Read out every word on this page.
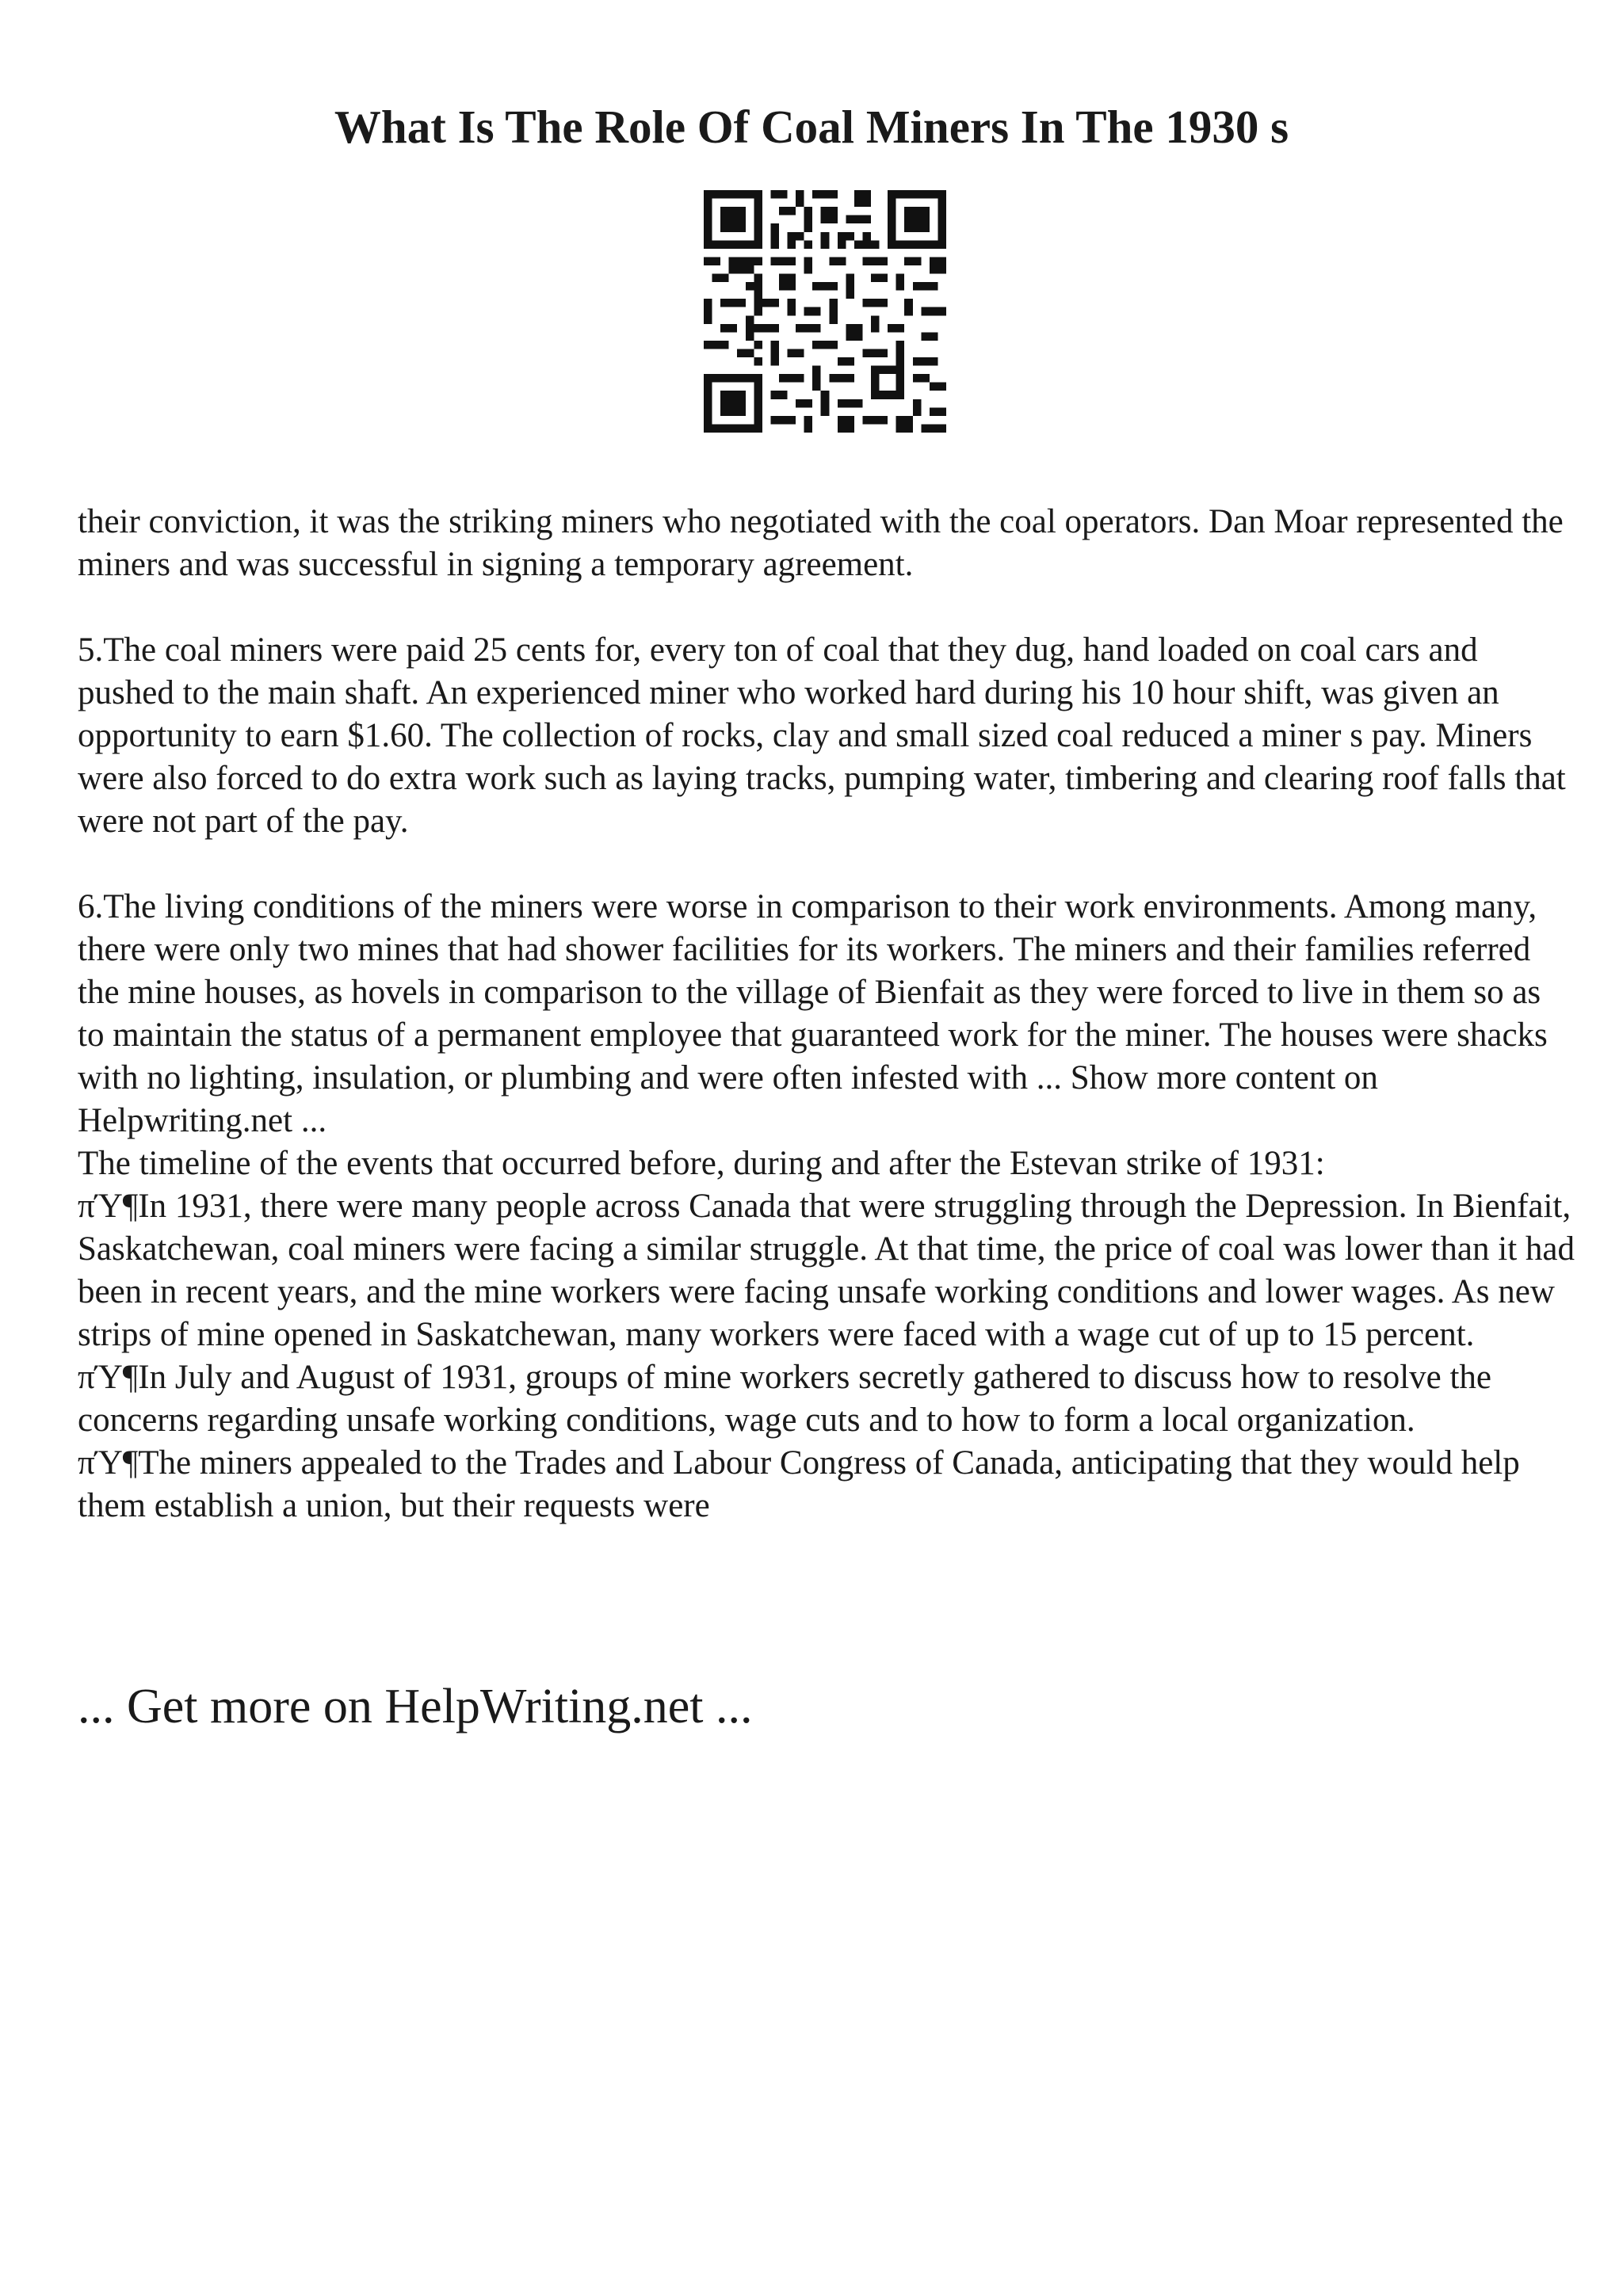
What Is The Role Of Coal Miners In The 1930 s

their conviction, it was the striking miners who negotiated with the coal operators. Dan Moar represented the miners and was successful in signing a temporary agreement.

5.The coal miners were paid 25 cents for, every ton of coal that they dug, hand loaded on coal cars and pushed to the main shaft. An experienced miner who worked hard during his 10 hour shift, was given an opportunity to earn $1.60. The collection of rocks, clay and small sized coal reduced a miner s pay. Miners were also forced to do extra work such as laying tracks, pumping water, timbering and clearing roof falls that were not part of the pay.

6.The living conditions of the miners were worse in comparison to their work environments. Among many, there were only two mines that had shower facilities for its workers. The miners and their families referred the mine houses, as hovels in comparison to the village of Bienfait as they were forced to live in them so as to maintain the status of a permanent employee that guaranteed work for the miner. The houses were shacks with no lighting, insulation, or plumbing and were often infested with ... Show more content on Helpwriting.net ...

The timeline of the events that occurred before, during and after the Estevan strike of 1931:

πΎ¶In 1931, there were many people across Canada that were struggling through the Depression. In Bienfait, Saskatchewan, coal miners were facing a similar struggle. At that time, the price of coal was lower than it had been in recent years, and the mine workers were facing unsafe working conditions and lower wages. As new strips of mine opened in Saskatchewan, many workers were faced with a wage cut of up to 15 percent.

πΎ¶In July and August of 1931, groups of mine workers secretly gathered to discuss how to resolve the concerns regarding unsafe working conditions, wage cuts and to how to form a local organization.

πΎ¶The miners appealed to the Trades and Labour Congress of Canada, anticipating that they would help them establish a union, but their requests were

... Get more on HelpWriting.net ...
